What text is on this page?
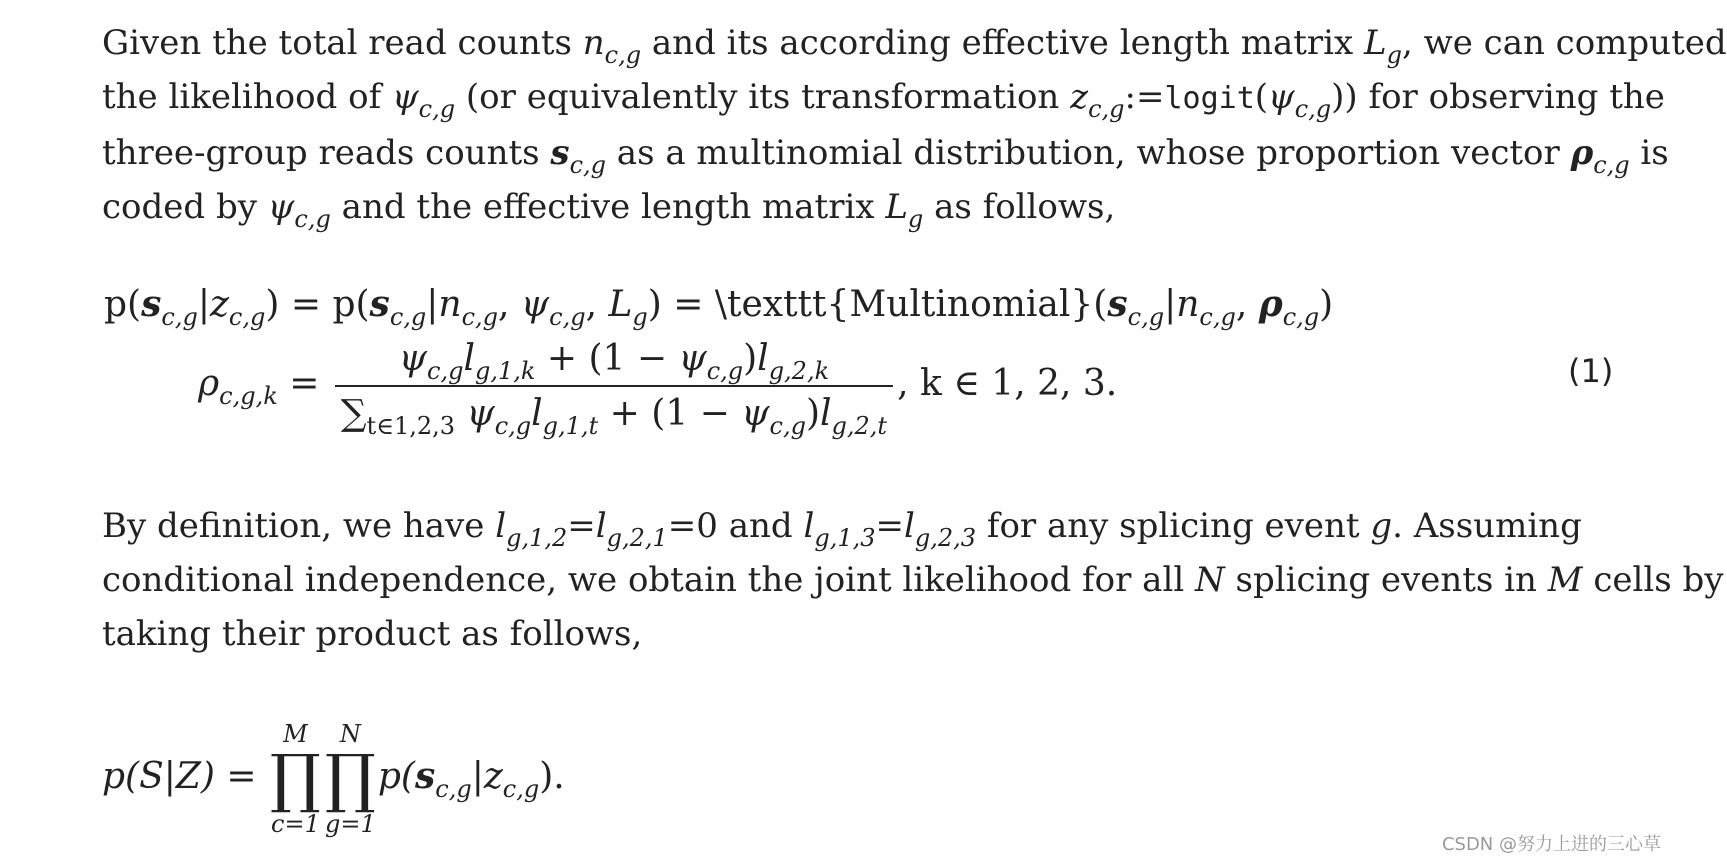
Given the total read counts $n_{c,g}$ and its according effective length matrix $L_g$, we can computed
the likelihood of $\psi_{c,g}$ (or equivalently its transformation $z_{c,g}:=logit(\psi_{c,g})$) for observing the
three-group reads counts $s_{c,g}$ as a multinomial distribution, whose proportion vector $\rho_{c,g}$ is
coded by $\psi_{c,g}$ and the effective length matrix $L_g$ as follows,
$p(s_{c,g}|z_{c,g}) = p(s_{c,g}|n_{c,g}$, $\psi_{c,g}$, $L_g$) = $\backslash texttt\{Multinomial\}(s_{c,g}|n_{c,g}$, $\rho_{c,g}$)
$\rho_{c,g,k} = \frac{\psi_{c,g}l_{g,1,k} + (1 - \psi_{c,g})l_{g,2,k}}{\sum_{t\in 1,2,3} \psi_{c,g}l_{g,1,t} + (1 - \psi_{c,g})l_{g,2,t}}$ , k ∈ 1, 2, 3.	(1)
By definition, we have $l_{g,1,2}=l_{g,2,1}=0$ and $l_{g,1,3}=l_{g,2,3}$ for any splicing event g. Assuming
conditional independence, we obtain the joint likelihood for all N splicing events in M cells by
taking their product as follows,
p(S|Z) =
M
∏
c=1
N
∏
g=1
$p(s_{c,g}|z_{c,g})$.
CSDN @努力上进的三心草
